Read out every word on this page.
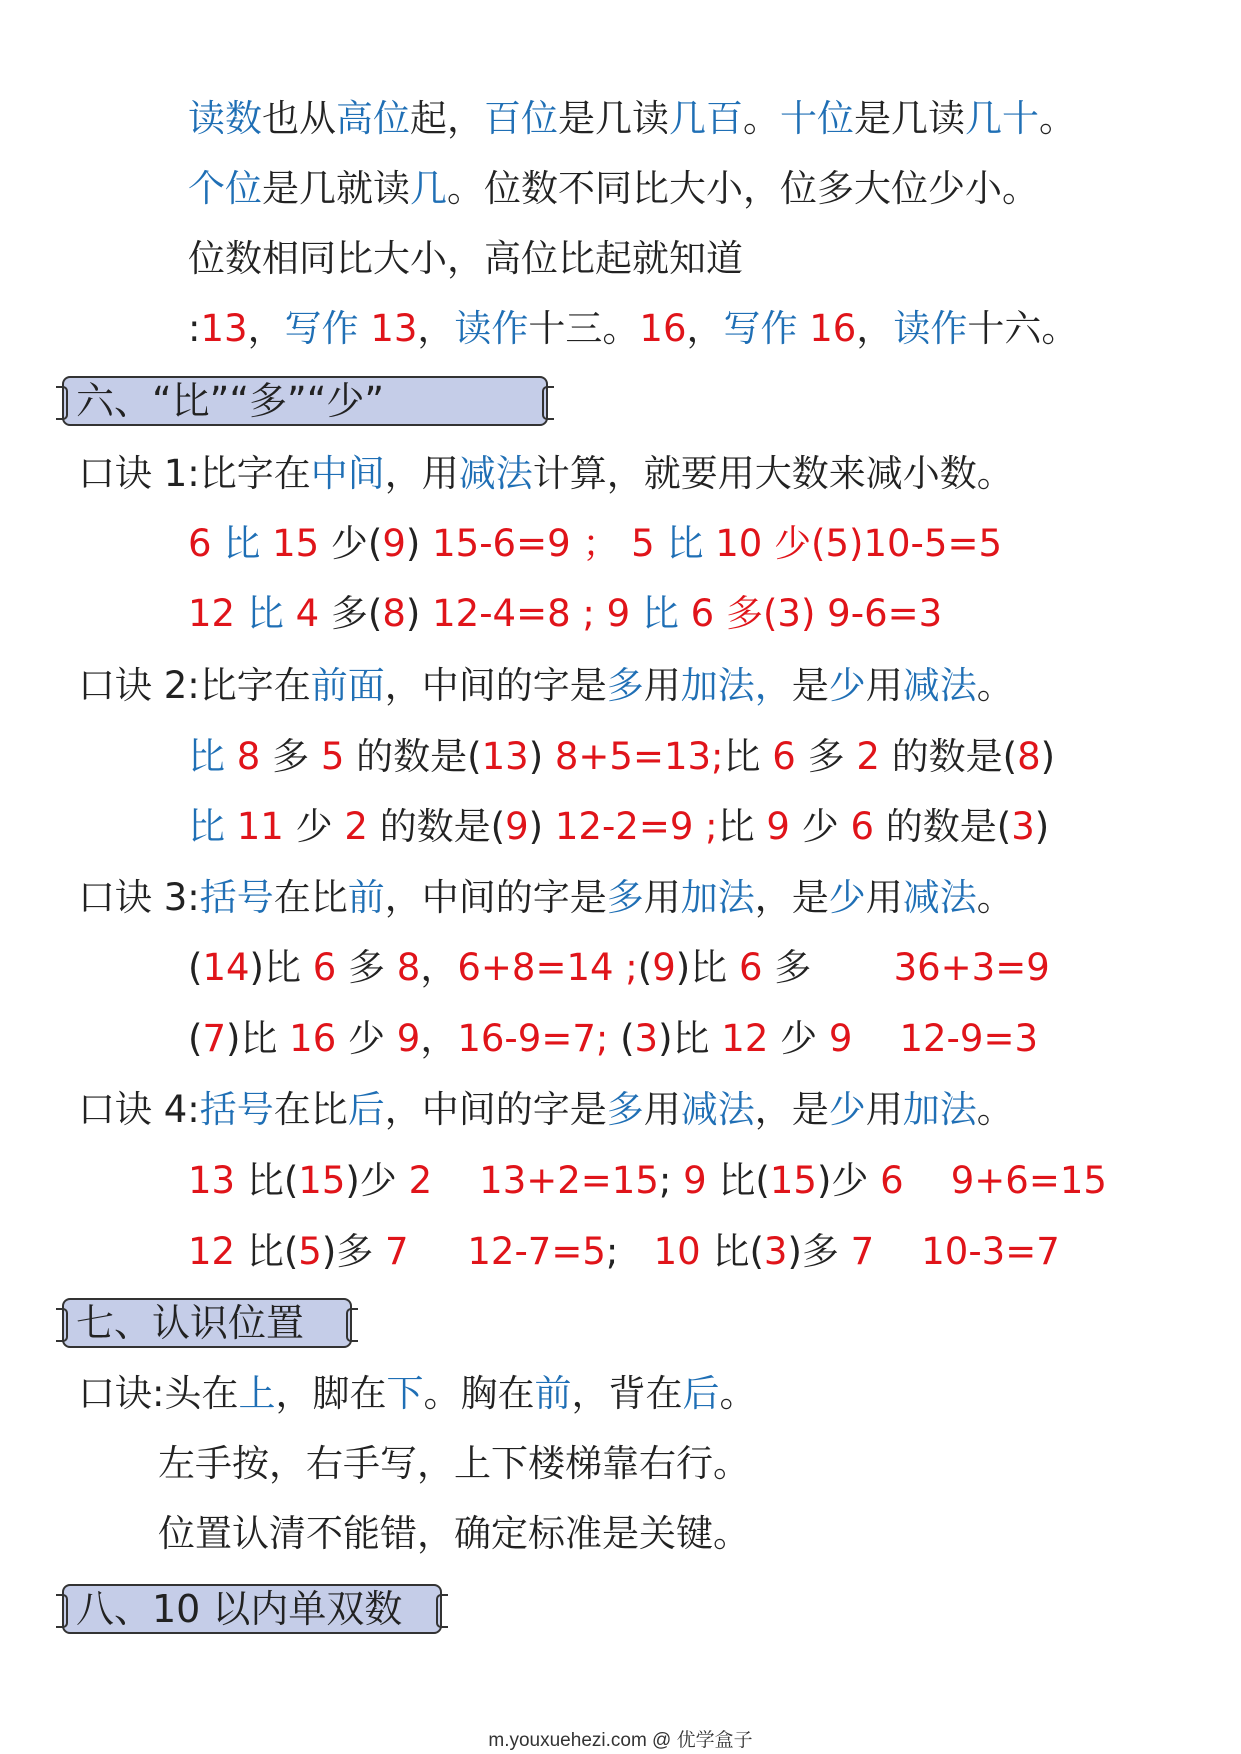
读数也从高位起，百位是几读几百。十位是几读几十。
个位是几就读几。位数不同比大小，位多大位少小。
位数相同比大小，高位比起就知道
:13，写作 13，读作十三。16，写作 16，读作十六。
六、“比”“多”“少”
口诀 1:比字在中间，用减法计算，就要用大数来减小数。
6 比 15 少(9) 15-6=9 ； 5 比 10 少(5)10-5=5
12 比 4 多(8) 12-4=8 ; 9 比 6 多(3) 9-6=3
口诀 2:比字在前面，中间的字是多用加法，是少用减法。
比 8 多 5 的数是(13) 8+5=13;比 6 多 2 的数是(8)
比 11 少 2 的数是(9) 12-2=9 ;比 9 少 6 的数是(3)
口诀 3:括号在比前，中间的字是多用加法，是少用减法。
(14)比 6 多 8，6+8=14 ;(9)比 6 多       36+3=9
(7)比 16 少 9，16-9=7; (3)比 12 少 9    12-9=3
口诀 4:括号在比后，中间的字是多用减法，是少用加法。
13 比(15)少 2    13+2=15; 9 比(15)少 6    9+6=15
12 比(5)多 7     12-7=5;   10 比(3)多 7    10-3=7
七、认识位置
口诀:头在上，脚在下。胸在前，背在后。
左手按，右手写，上下楼梯靠右行。
位置认清不能错，确定标准是关键。
八、10 以内单双数
m.youxuehezi.com @ 优学盒子
